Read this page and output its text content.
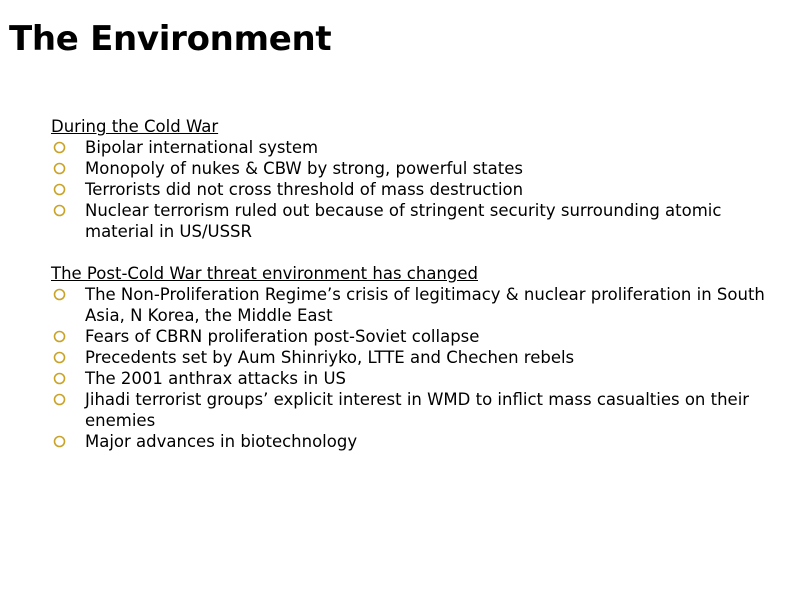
The Environment

During the Cold War

Bipolar international system
Monopoly of nukes & CBW by strong, powerful states
Terrorists did not cross threshold of mass destruction
Nuclear terrorism ruled out because of stringent security surrounding atomic material in US/USSR

The Post-Cold War threat environment has changed

The Non-Proliferation Regime’s crisis of legitimacy & nuclear proliferation in South Asia, N Korea, the Middle East
Fears of CBRN proliferation post-Soviet collapse
Precedents set by Aum Shinriyko, LTTE and Chechen rebels
The 2001 anthrax attacks in US
Jihadi terrorist groups’ explicit interest in WMD to inflict mass casualties on their enemies
Major advances in biotechnology
